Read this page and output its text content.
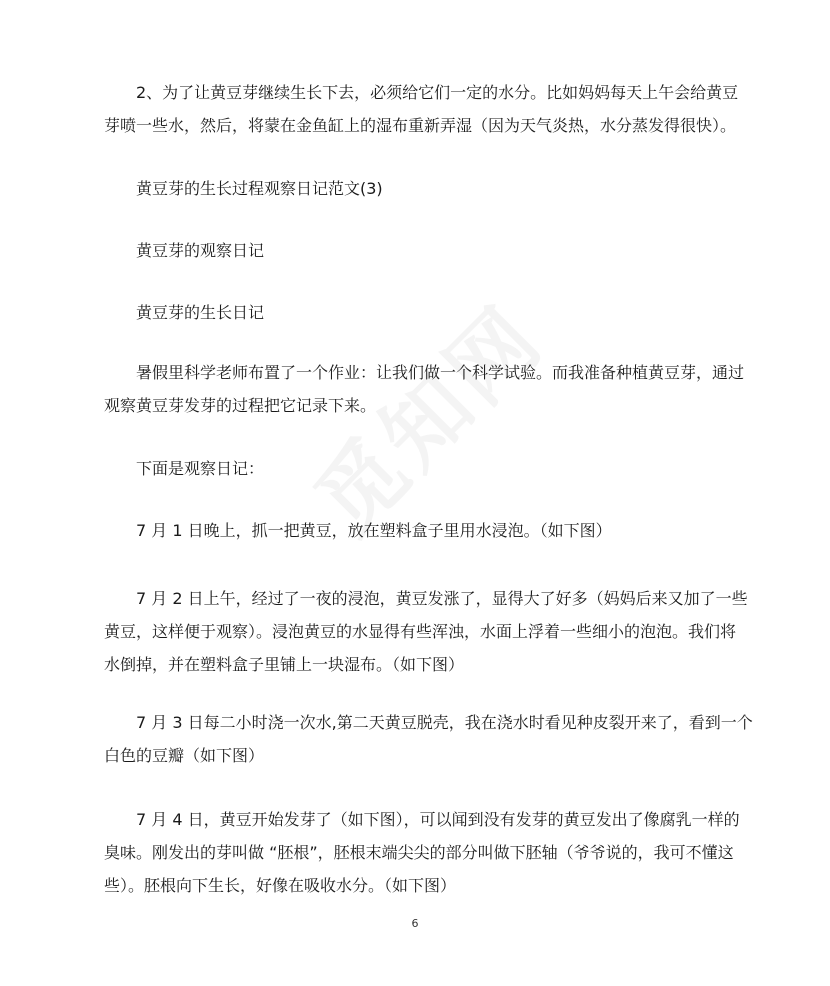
2、为了让黄豆芽继续生长下去，必须给它们一定的水分。比如妈妈每天上午会给黄豆
芽喷一些水，然后，将蒙在金鱼缸上的湿布重新弄湿（因为天气炎热，水分蒸发得很快）。
黄豆芽的生长过程观察日记范文(3)
黄豆芽的观察日记
黄豆芽的生长日记
暑假里科学老师布置了一个作业：让我们做一个科学试验。而我准备种植黄豆芽，通过
观察黄豆芽发芽的过程把它记录下来。
下面是观察日记：
7 月 1 日晚上，抓一把黄豆，放在塑料盒子里用水浸泡。（如下图）
7 月 2 日上午，经过了一夜的浸泡，黄豆发涨了，显得大了好多（妈妈后来又加了一些
黄豆，这样便于观察）。浸泡黄豆的水显得有些浑浊，水面上浮着一些细小的泡泡。我们将
水倒掉，并在塑料盒子里铺上一块湿布。（如下图）
7 月 3 日每二小时浇一次水,第二天黄豆脱壳，我在浇水时看见种皮裂开来了，看到一个
白色的豆瓣（如下图）
7 月 4 日，黄豆开始发芽了（如下图），可以闻到没有发芽的黄豆发出了像腐乳一样的
臭味。刚发出的芽叫做 “胚根”，胚根末端尖尖的部分叫做下胚轴（爷爷说的，我可不懂这
些）。胚根向下生长，好像在吸收水分。（如下图）
6
